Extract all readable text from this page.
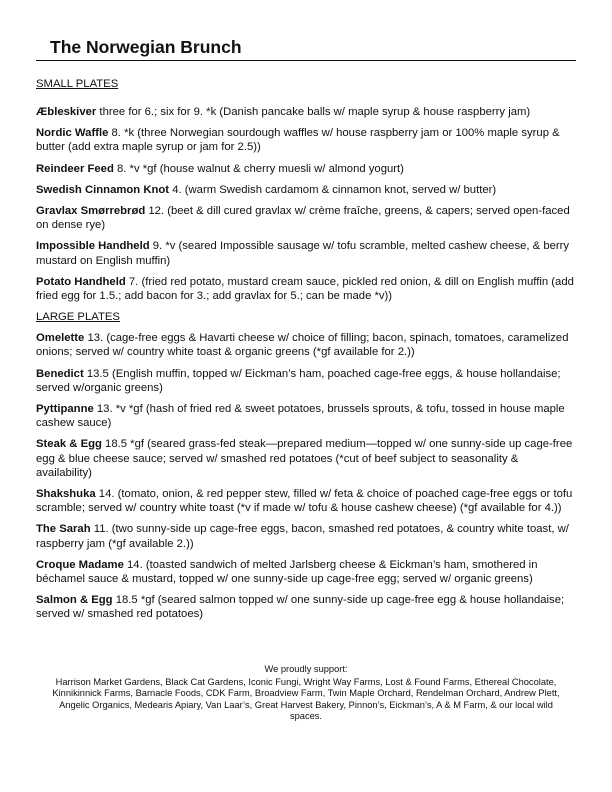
The Norwegian Brunch
SMALL PLATES
Æbleskiver three for 6.; six for 9. *k (Danish pancake balls w/ maple syrup & house raspberry jam)
Nordic Waffle 8. *k (three Norwegian sourdough waffles w/ house raspberry jam or 100% maple syrup & butter (add extra maple syrup or jam for 2.5))
Reindeer Feed 8. *v *gf (house walnut & cherry muesli w/ almond yogurt)
Swedish Cinnamon Knot 4. (warm Swedish cardamom & cinnamon knot, served w/ butter)
Gravlax Smørrebrød 12. (beet & dill cured gravlax w/ crème fraîche, greens, & capers; served open-faced on dense rye)
Impossible Handheld 9. *v (seared Impossible sausage w/ tofu scramble, melted cashew cheese, & berry mustard on English muffin)
Potato Handheld 7. (fried red potato, mustard cream sauce, pickled red onion, & dill on English muffin (add fried egg for 1.5.; add bacon for 3.; add gravlax for 5.; can be made *v))
LARGE PLATES
Omelette 13. (cage-free eggs & Havarti cheese w/ choice of filling; bacon, spinach, tomatoes, caramelized onions; served w/ country white toast & organic greens (*gf available for 2.))
Benedict 13.5 (English muffin, topped w/ Eickman’s ham, poached cage-free eggs, & house hollandaise; served w/organic greens)
Pyttipanne 13. *v *gf (hash of fried red & sweet potatoes, brussels sprouts, & tofu, tossed in house maple cashew sauce)
Steak & Egg 18.5 *gf (seared grass-fed steak—prepared medium—topped w/ one sunny-side up cage-free egg & blue cheese sauce; served w/ smashed red potatoes (*cut of beef subject to seasonality & availability)
Shakshuka 14. (tomato, onion, & red pepper stew, filled w/ feta & choice of poached cage-free eggs or tofu scramble; served w/ country white toast (*v if made w/ tofu & house cashew cheese) (*gf available for 4.))
The Sarah 11. (two sunny-side up cage-free eggs, bacon, smashed red potatoes, & country white toast, w/ raspberry jam (*gf available 2.))
Croque Madame 14. (toasted sandwich of melted Jarlsberg cheese & Eickman’s ham, smothered in béchamel sauce & mustard, topped w/ one sunny-side up cage-free egg; served w/ organic greens)
Salmon & Egg 18.5 *gf (seared salmon topped w/ one sunny-side up cage-free egg & house hollandaise; served w/ smashed red potatoes)
We proudly support:
Harrison Market Gardens, Black Cat Gardens, Iconic Fungi, Wright Way Farms, Lost & Found Farms, Ethereal Chocolate, Kinnikinnick Farms, Barnacle Foods, CDK Farm, Broadview Farm, Twin Maple Orchard, Rendelman Orchard, Andrew Plett, Angelic Organics, Medearis Apiary, Van Laar’s, Great Harvest Bakery, Pinnon’s, Eickman’s, A & M Farm, & our local wild spaces.
